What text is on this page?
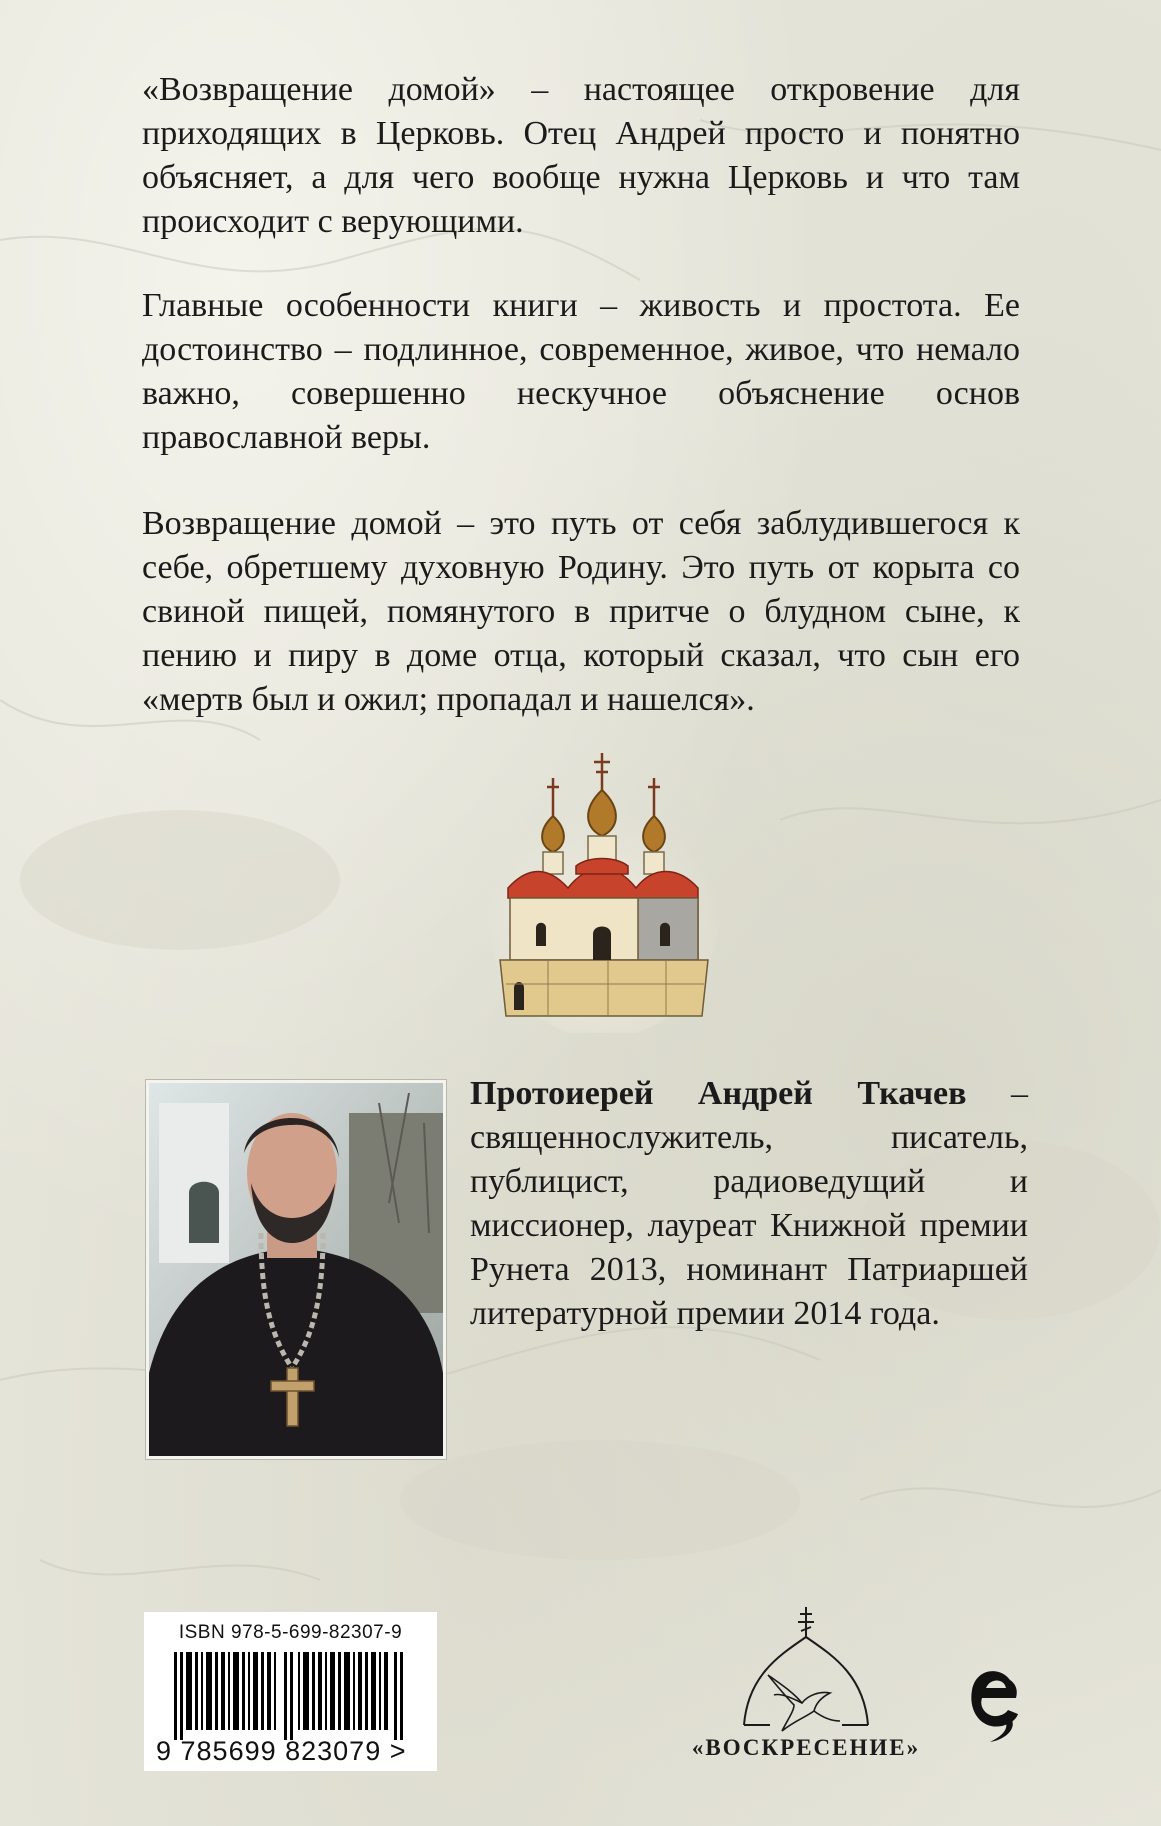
«Возвращение домой» – настоящее откровение для приходящих в Церковь. Отец Андрей просто и понятно объясняет, а для чего вообще нужна Церковь и что там происходит с верующими.

Главные особенности книги – живость и простота. Ее достоинство – подлинное, современное, живое, что немало важно, совершенно нескучное объяснение основ православной веры.

Возвращение домой – это путь от себя заблудившегося к себе, обретшему духовную Родину. Это путь от корыта со свиной пищей, помянутого в притче о блудном сыне, к пению и пиру в доме отца, который сказал, что сын его «мертв был и ожил; пропадал и нашелся».

Протоиерей Андрей Ткачев – священнослужитель, писатель, публицист, радиоведущий и миссионер, лауреат Книжной премии Рунета 2013, номинант Патриаршей литературной премии 2014 года.

ISBN 978-5-699-82307-9

9 785699 823079 >	«ВОСКРЕСЕНИЕ»
